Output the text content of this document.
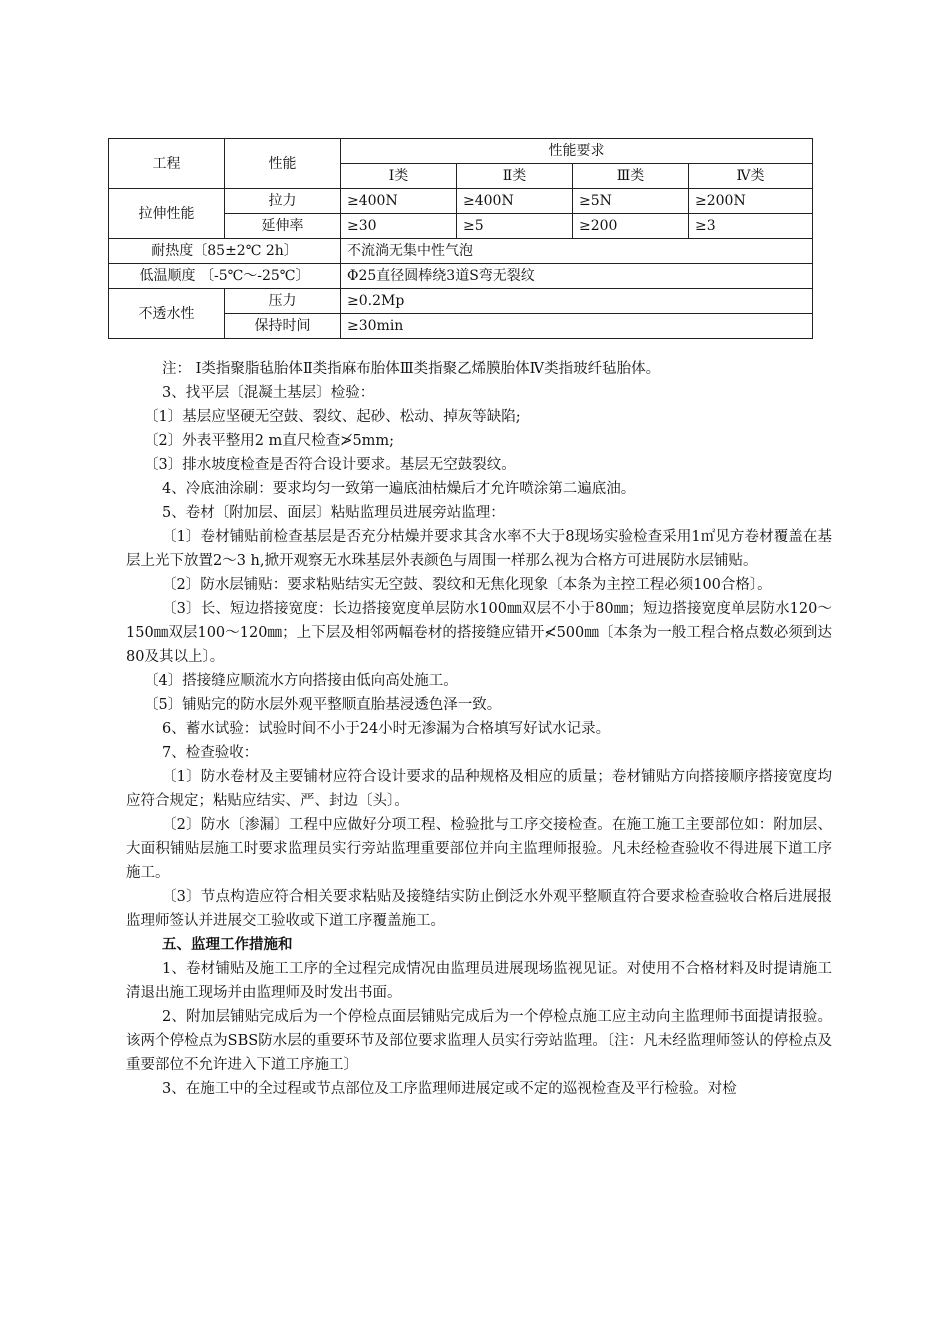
工程	性能	性能要求			
		Ⅰ类	Ⅱ类	Ⅲ类	Ⅳ类
拉伸性能	拉力	≥400N	≥400N	≥5N	≥200N
	延伸率	≥30	≥5	≥200	≥3
耐热度〔85±2℃ 2h〕		不流淌无集中性气泡			
低温顺度 〔-5℃～-25℃〕		Φ25直径圆棒绕3道S弯无裂纹			
不透水性	压力	≥0.2Mp			
	保持时间	≥30min			

注： Ⅰ类指聚脂毡胎体Ⅱ类指麻布胎体Ⅲ类指聚乙烯膜胎体Ⅳ类指玻纤毡胎体。

3、找平层〔混凝土基层〕检验：

〔1〕基层应坚硬无空鼓、裂纹、起砂、松动、掉灰等缺陷;

〔2〕外表平整用2 m直尺检查≯5mm;

〔3〕排水坡度检查是否符合设计要求。基层无空鼓裂纹。

4、冷底油涂刷：要求均匀一致第一遍底油枯燥后才允许喷涂第二遍底油。

5、卷材〔附加层、面层〕粘贴监理员进展旁站监理：

〔1〕卷材铺贴前检查基层是否充分枯燥并要求其含水率不大于8现场实验检查采用1㎡见方卷材覆盖在基层上光下放置2～3 h,掀开观察无水珠基层外表颜色与周围一样那么视为合格方可进展防水层铺贴。

〔2〕防水层铺贴：要求粘贴结实无空鼓、裂纹和无焦化现象〔本条为主控工程必须100合格〕。

〔3〕长、短边搭接宽度：长边搭接宽度单层防水100㎜双层不小于80㎜；短边搭接宽度单层防水120～150㎜双层100～120㎜；上下层及相邻两幅卷材的搭接缝应错开≮500㎜〔本条为一般工程合格点数必须到达80及其以上〕。

〔4〕搭接缝应顺流水方向搭接由低向高处施工。

〔5〕铺贴完的防水层外观平整顺直胎基浸透色泽一致。

6、蓄水试验：试验时间不小于24小时无渗漏为合格填写好试水记录。

7、检查验收：

〔1〕防水卷材及主要铺材应符合设计要求的品种规格及相应的质量；卷材铺贴方向搭接顺序搭接宽度均应符合规定；粘贴应结实、严、封边〔头〕。

〔2〕防水〔渗漏〕工程中应做好分项工程、检验批与工序交接检查。在施工施工主要部位如：附加层、大面积铺贴层施工时要求监理员实行旁站监理重要部位并向主监理师报验。凡未经检查验收不得进展下道工序施工。

〔3〕节点构造应符合相关要求粘贴及接缝结实防止倒泛水外观平整顺直符合要求检查验收合格后进展报监理师签认并进展交工验收或下道工序覆盖施工。

五、监理工作措施和

1、卷材铺贴及施工工序的全过程完成情况由监理员进展现场监视见证。对使用不合格材料及时提请施工清退出施工现场并由监理师及时发出书面。

2、附加层铺贴完成后为一个停检点面层铺贴完成后为一个停检点施工应主动向主监理师书面提请报验。该两个停检点为SBS防水层的重要环节及部位要求监理人员实行旁站监理。〔注：凡未经监理师签认的停检点及重要部位不允许进入下道工序施工〕

3、在施工中的全过程或节点部位及工序监理师进展定或不定的巡视检查及平行检验。对检
